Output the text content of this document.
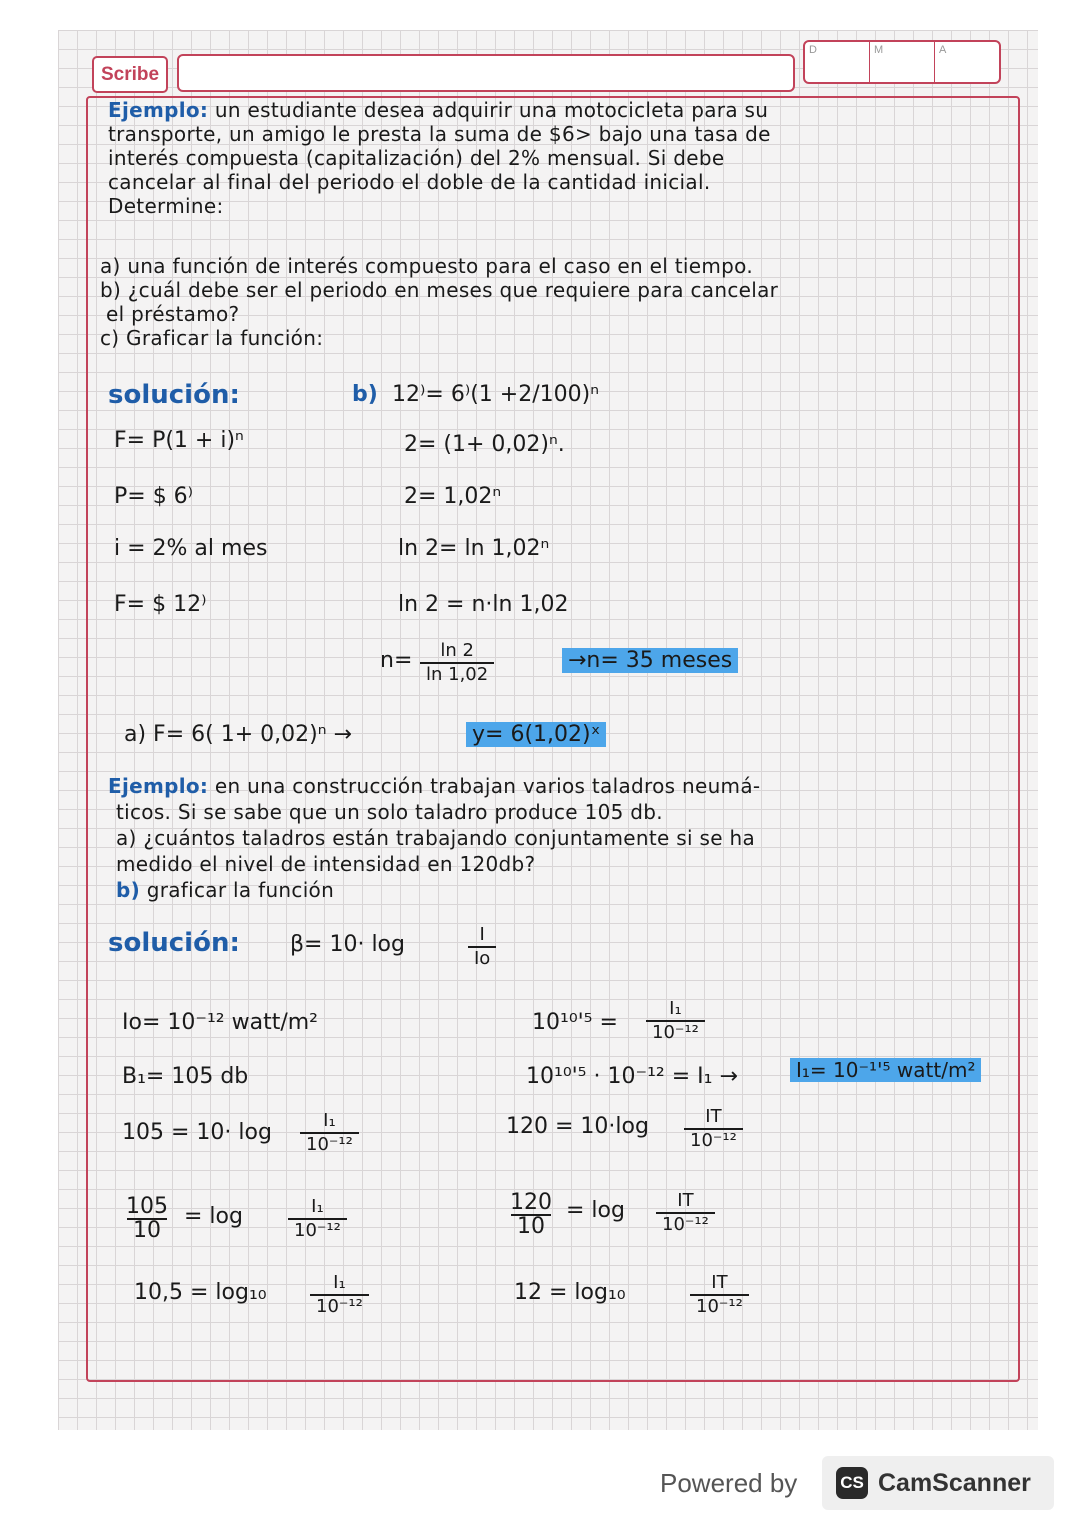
Scribe
D	M	A

Ejemplo: un estudiante desea adquirir una motocicleta para su

transporte, un amigo le presta la suma de $6> bajo una tasa de

interés compuesta (capitalización) del 2% mensual. Si debe

cancelar al final del periodo el doble de la cantidad inicial.

Determine:

a) una función de interés compuesto para el caso en el tiempo.

b) ¿cuál debe ser el periodo en meses que requiere para cancelar

el préstamo?

c) Graficar la función:

solución:

F= P(1 + i)ⁿ

P= $ 6⁾

i = 2% al mes

F= $ 12⁾

b) 12⁾= 6⁾(1 +2/100)ⁿ

2= (1+ 0,02)ⁿ.

2= 1,02ⁿ

ln 2= ln 1,02ⁿ

ln 2 = n·ln 1,02

$n= \frac{\ln 2}{\ln 1,02}$	→n= 35 meses

a) F= 6( 1+ 0,02)ⁿ →	y= 6(1,02)ˣ

Ejemplo: en una construcción trabajan varios taladros neumá-

ticos. Si se sabe que un solo taladro produce 105 db.

a) ¿cuántos taladros están trabajando conjuntamente si se ha

medido el nivel de intensidad en 120db?

b) graficar la función

solución: β= 10· log	$\frac{I}{Io}$

Io= 10⁻¹² watt/m²

B₁= 105 db

$105 = 10\cdot \log \frac{\text{I₁}}{\text{10⁻¹²}}$
$\frac{105}{10} = \log$	$\frac{\text{I₁}}{\text{10⁻¹²}}$

$10,5 = \log_{10} \frac{\text{I₁}}{\text{10⁻¹²}}$

$10^{10}'^5 = \frac{\text{I₁}}{\text{10⁻¹²}}$

10¹⁰'⁵ · 10⁻¹² = I₁ →	I₁= 10⁻¹'⁵ watt/m²

$120 = 10\cdot\log \frac{IT}{\text{10⁻¹²}}$
$\frac{120}{10} = \log \frac{IT}{\text{10⁻¹²}}$

12 = log₁₀	$\frac{IT}{\text{10⁻¹²}}$

Powered by	CS CamScanner
